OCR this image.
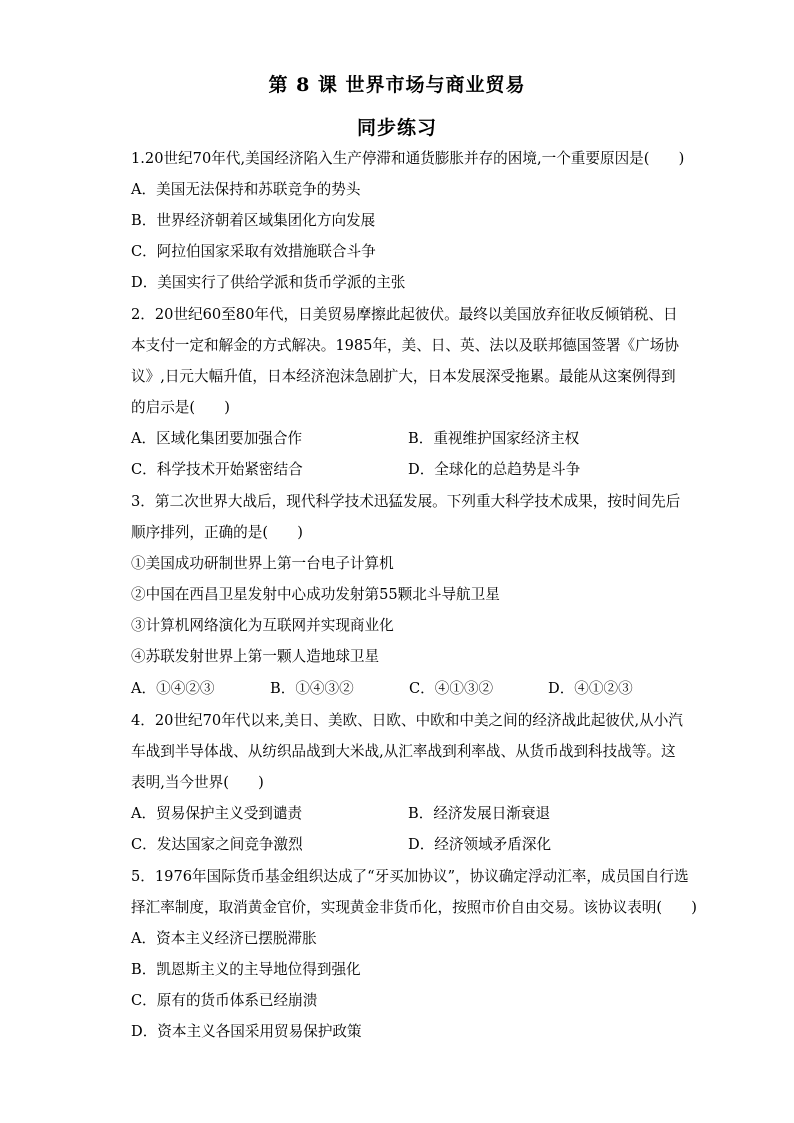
第 8 课 世界市场与商业贸易
同步练习
1.20世纪70年代,美国经济陷入生产停滞和通货膨胀并存的困境,一个重要原因是(　　)
A．美国无法保持和苏联竞争的势头
B．世界经济朝着区域集团化方向发展
C．阿拉伯国家采取有效措施联合斗争
D．美国实行了供给学派和货币学派的主张
2．20世纪60至80年代，日美贸易摩擦此起彼伏。最终以美国放弃征收反倾销税、日
本支付一定和解金的方式解决。1985年，美、日、英、法以及联邦德国签署《广场协
议》,日元大幅升值，日本经济泡沫急剧扩大，日本发展深受拖累。最能从这案例得到
的启示是(　　)
A．区域化集团要加强合作	B．重视维护国家经济主权
C．科学技术开始紧密结合	D．全球化的总趋势是斗争
3．第二次世界大战后，现代科学技术迅猛发展。下列重大科学技术成果，按时间先后
顺序排列，正确的是(　　)
①美国成功研制世界上第一台电子计算机
②中国在西昌卫星发射中心成功发射第55颗北斗导航卫星
③计算机网络演化为互联网并实现商业化
④苏联发射世界上第一颗人造地球卫星
A．①④②③	B．①④③②	C．④①③②	D．④①②③
4．20世纪70年代以来,美日、美欧、日欧、中欧和中美之间的经济战此起彼伏,从小汽
车战到半导体战、从纺织品战到大米战,从汇率战到利率战、从货币战到科技战等。这
表明,当今世界(　　)
A．贸易保护主义受到谴责	B．经济发展日渐衰退
C．发达国家之间竞争激烈	D．经济领域矛盾深化
5．1976年国际货币基金组织达成了“牙买加协议”，协议确定浮动汇率，成员国自行选
择汇率制度，取消黄金官价，实现黄金非货币化，按照市价自由交易。该协议表明(　　)
A．资本主义经济已摆脱滞胀
B．凯恩斯主义的主导地位得到强化
C．原有的货币体系已经崩溃
D．资本主义各国采用贸易保护政策
